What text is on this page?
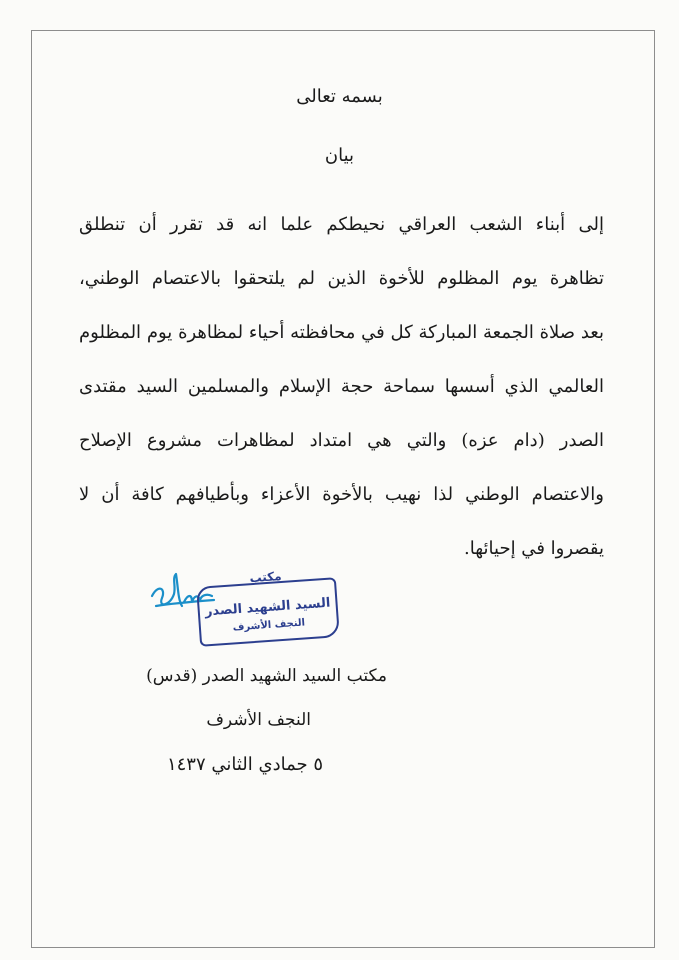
بسمه تعالى
بيان
إلى أبناء الشعب العراقي نحيطكم علما انه قد تقرر أن تنطلق
تظاهرة يوم المظلوم للأخوة الذين لم يلتحقوا بالاعتصام الوطني،
بعد صلاة الجمعة المباركة كل في محافظته أحياء لمظاهرة يوم المظلوم
العالمي الذي أسسها سماحة حجة الإسلام والمسلمين السيد مقتدى
الصدر (دام عزه) والتي هي امتداد لمظاهرات مشروع الإصلاح
والاعتصام الوطني لذا نهيب بالأخوة الأعزاء وبأطيافهم كافة أن لا
يقصروا في إحيائها.
مكتب
السيد الشهيد الصدر
النجف الأشرف
مكتب السيد الشهيد الصدر (قدس)
النجف الأشرف
٥ جمادي الثاني ١٤٣٧
